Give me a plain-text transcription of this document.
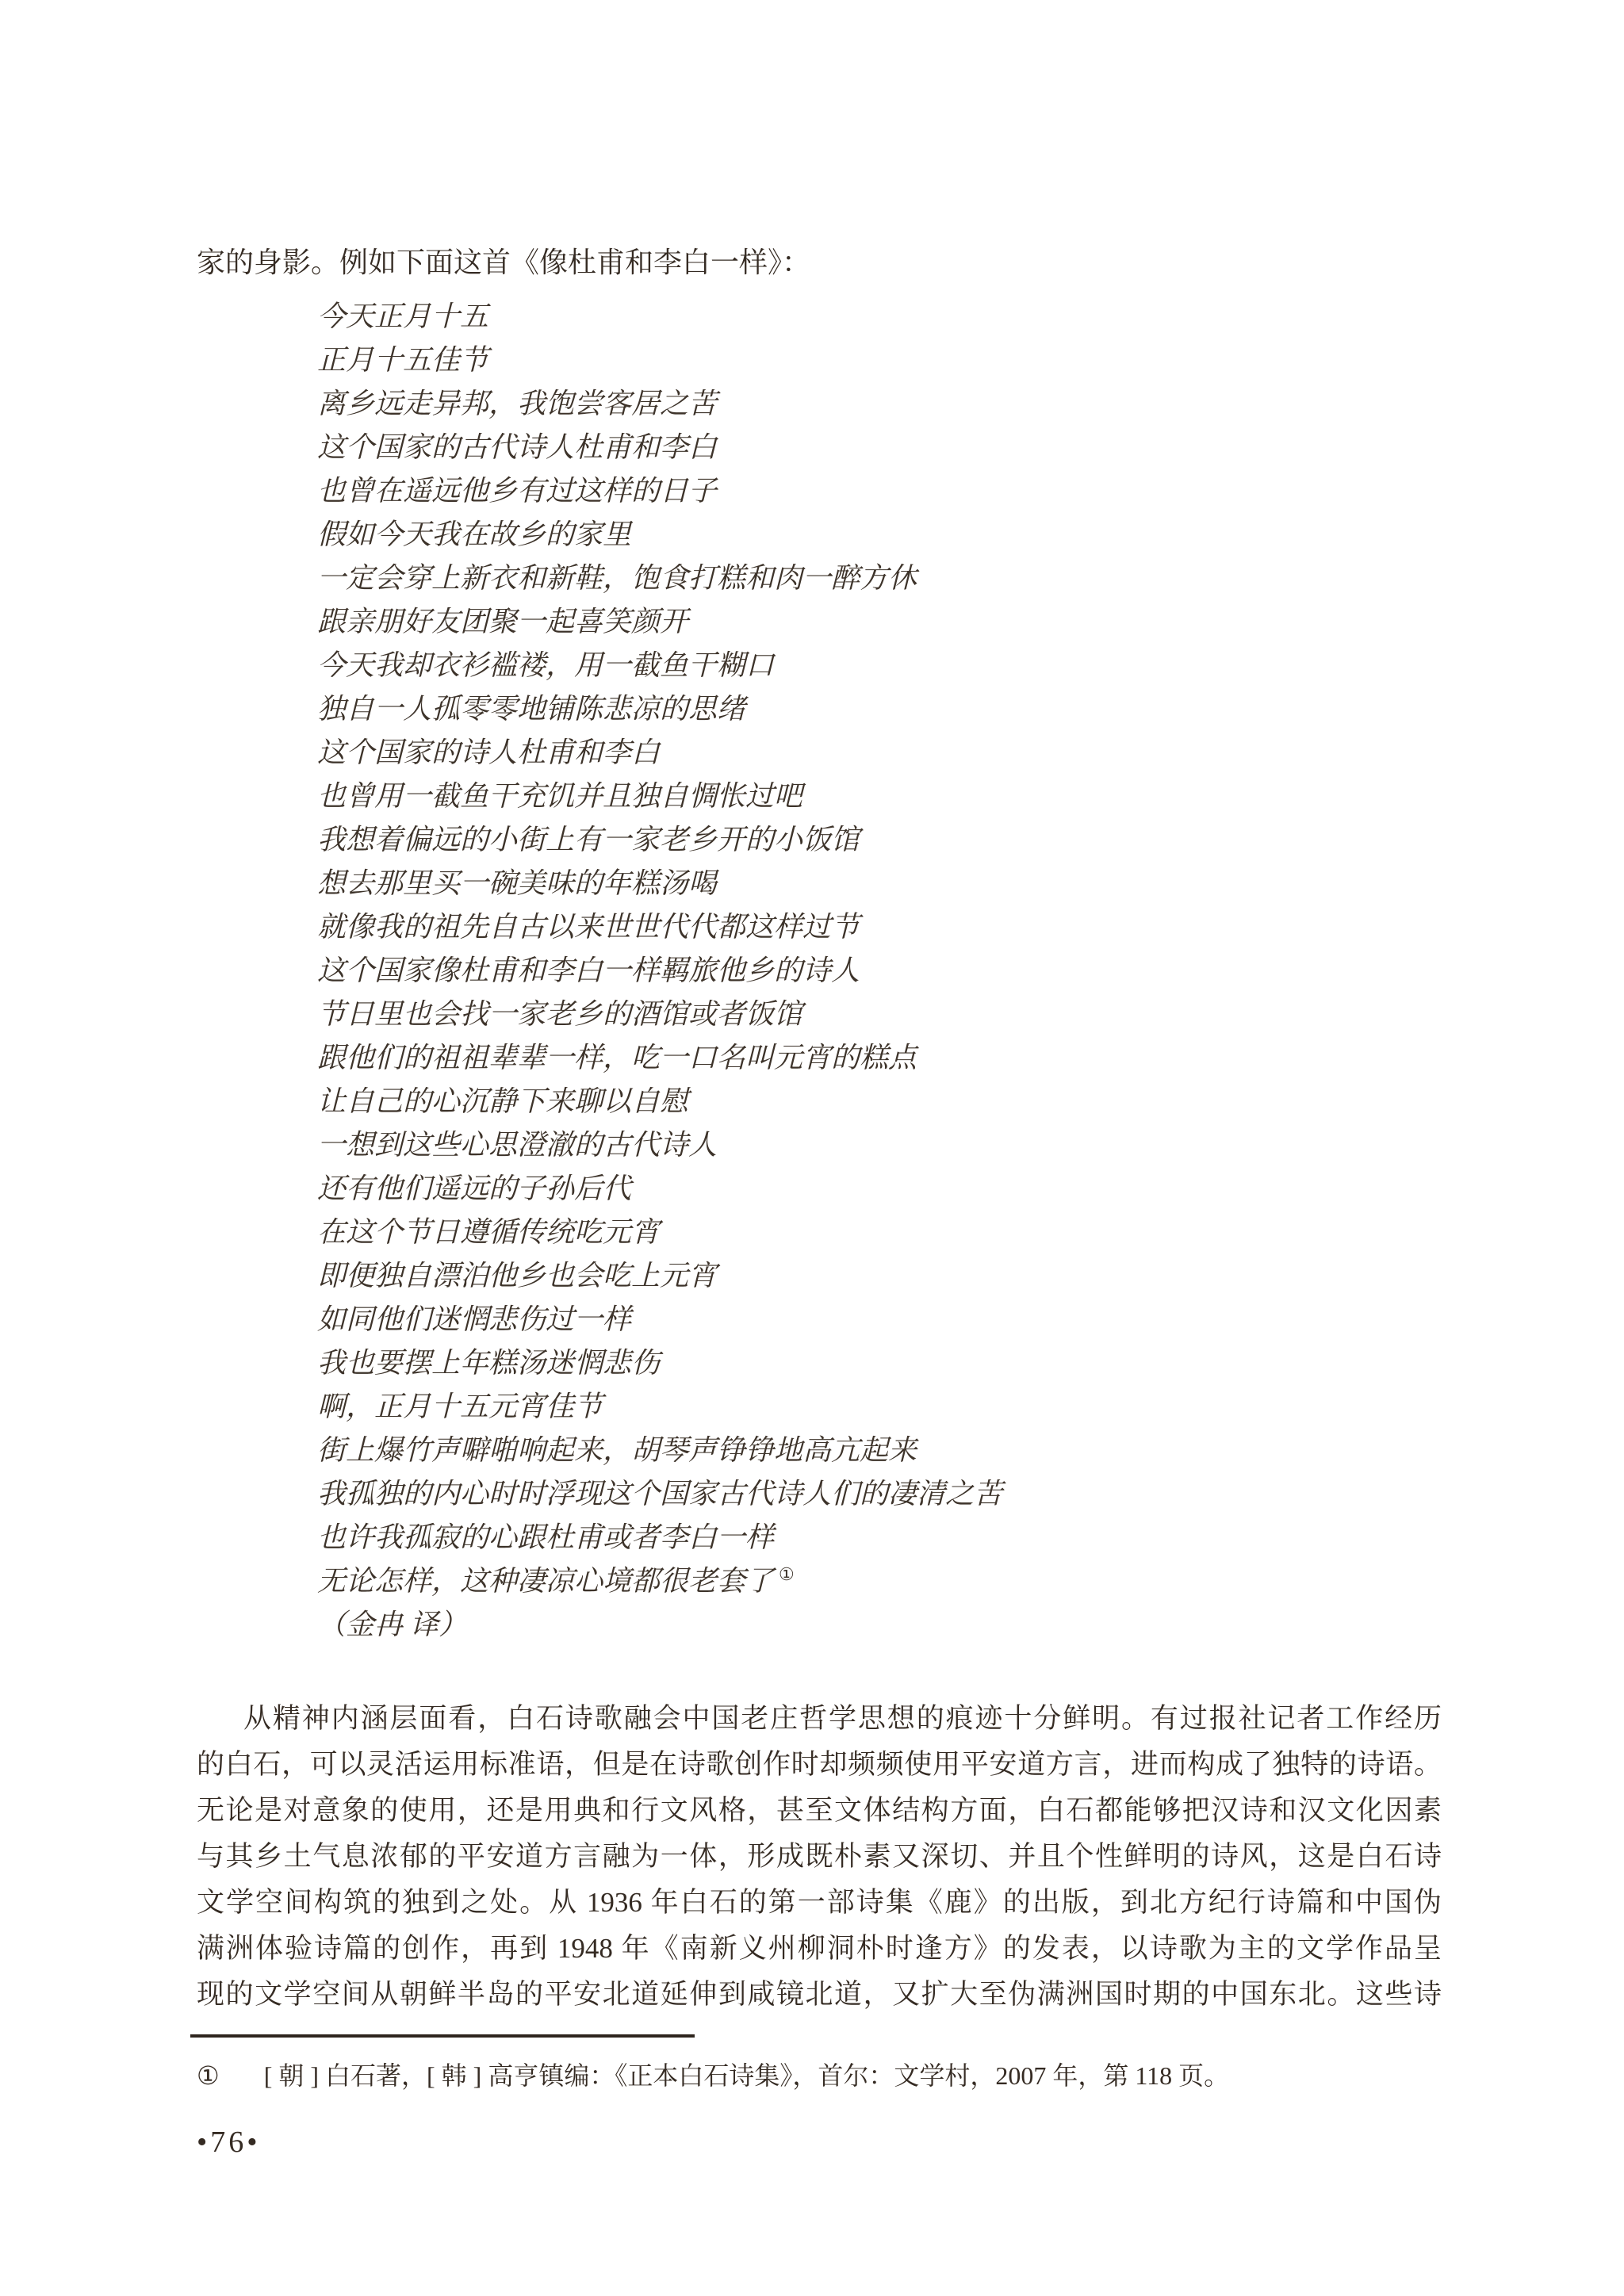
家的身影。例如下面这首《像杜甫和李白一样》：
今天正月十五
正月十五佳节
离乡远走异邦，我饱尝客居之苦
这个国家的古代诗人杜甫和李白
也曾在遥远他乡有过这样的日子
假如今天我在故乡的家里
一定会穿上新衣和新鞋，饱食打糕和肉一醉方休
跟亲朋好友团聚一起喜笑颜开
今天我却衣衫褴褛，用一截鱼干糊口
独自一人孤零零地铺陈悲凉的思绪
这个国家的诗人杜甫和李白
也曾用一截鱼干充饥并且独自惆怅过吧
我想着偏远的小街上有一家老乡开的小饭馆
想去那里买一碗美味的年糕汤喝
就像我的祖先自古以来世世代代都这样过节
这个国家像杜甫和李白一样羁旅他乡的诗人
节日里也会找一家老乡的酒馆或者饭馆
跟他们的祖祖辈辈一样，吃一口名叫元宵的糕点
让自己的心沉静下来聊以自慰
一想到这些心思澄澈的古代诗人
还有他们遥远的子孙后代
在这个节日遵循传统吃元宵
即便独自漂泊他乡也会吃上元宵
如同他们迷惘悲伤过一样
我也要摆上年糕汤迷惘悲伤
啊，正月十五元宵佳节
街上爆竹声噼啪响起来，胡琴声铮铮地高亢起来
我孤独的内心时时浮现这个国家古代诗人们的凄清之苦
也许我孤寂的心跟杜甫或者李白一样
无论怎样，这种凄凉心境都很老套了 ①
（金冉 译）
从精神内涵层面看，白石诗歌融会中国老庄哲学思想的痕迹十分鲜明。有过报社记者工作经历
的白石，可以灵活运用标准语，但是在诗歌创作时却频频使用平安道方言，进而构成了独特的诗语。
无论是对意象的使用，还是用典和行文风格，甚至文体结构方面，白石都能够把汉诗和汉文化因素
与其乡土气息浓郁的平安道方言融为一体，形成既朴素又深切、并且个性鲜明的诗风，这是白石诗
文学空间构筑的独到之处。从 1936 年白石的第一部诗集《鹿》的出版，到北方纪行诗篇和中国伪
满洲体验诗篇的创作，再到 1948 年《南新义州柳洞朴时逢方》的发表，以诗歌为主的文学作品呈
现的文学空间从朝鲜半岛的平安北道延伸到咸镜北道，又扩大至伪满洲国时期的中国东北。这些诗
① [ 朝 ] 白石著，[ 韩 ] 高亨镇编：《正本白石诗集》，首尔：文学村，2007 年，第 118 页。
•76•
